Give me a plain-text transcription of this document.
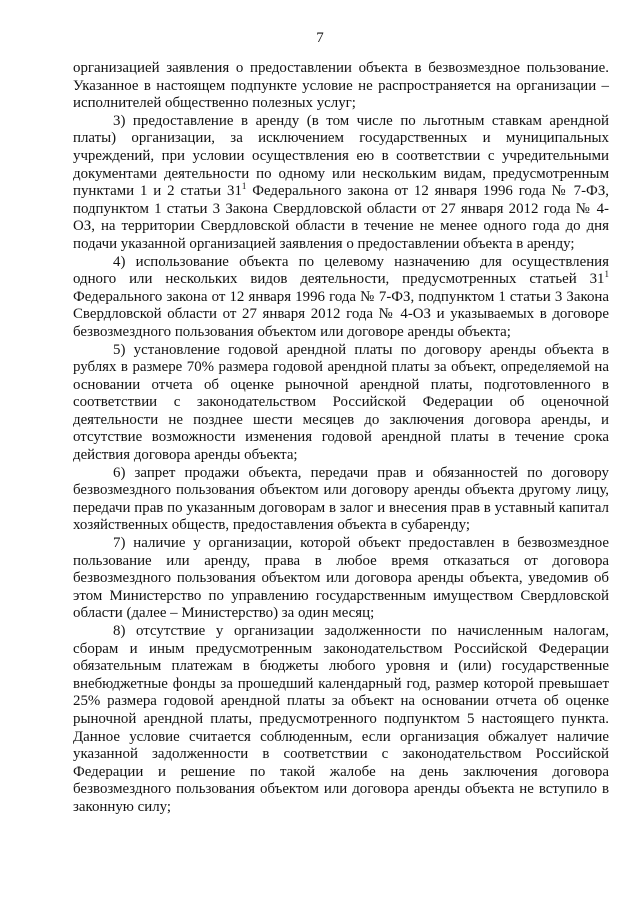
7

организацией заявления о предоставлении объекта в безвозмездное пользование. Указанное в настоящем подпункте условие не распространяется на организации – исполнителей общественно полезных услуг;

3) предоставление в аренду (в том числе по льготным ставкам арендной платы) организации, за исключением государственных и муниципальных учреждений, при условии осуществления ею в соответствии с учредительными документами деятельности по одному или нескольким видам, предусмотренным пунктами 1 и 2 статьи $31^1$ Федерального закона от 12 января 1996 года № 7-ФЗ, подпунктом 1 статьи 3 Закона Свердловской области от 27 января 2012 года № 4-ОЗ, на территории Свердловской области в течение не менее одного года до дня подачи указанной организацией заявления о предоставлении объекта в аренду;

4) использование объекта по целевому назначению для осуществления одного или нескольких видов деятельности, предусмотренных статьей $31^1$ Федерального закона от 12 января 1996 года № 7-ФЗ, подпунктом 1 статьи 3 Закона Свердловской области от 27 января 2012 года № 4-ОЗ и указываемых в договоре безвозмездного пользования объектом или договоре аренды объекта;

5) установление годовой арендной платы по договору аренды объекта в рублях в размере 70% размера годовой арендной платы за объект, определяемой на основании отчета об оценке рыночной арендной платы, подготовленного в соответствии с законодательством Российской Федерации об оценочной деятельности не позднее шести месяцев до заключения договора аренды, и отсутствие возможности изменения годовой арендной платы в течение срока действия договора аренды объекта;

6) запрет продажи объекта, передачи прав и обязанностей по договору безвозмездного пользования объектом или договору аренды объекта другому лицу, передачи прав по указанным договорам в залог и внесения прав в уставный капитал хозяйственных обществ, предоставления объекта в субаренду;

7) наличие у организации, которой объект предоставлен в безвозмездное пользование или аренду, права в любое время отказаться от договора безвозмездного пользования объектом или договора аренды объекта, уведомив об этом Министерство по управлению государственным имуществом Свердловской области (далее – Министерство) за один месяц;

8) отсутствие у организации задолженности по начисленным налогам, сборам и иным предусмотренным законодательством Российской Федерации обязательным платежам в бюджеты любого уровня и (или) государственные внебюджетные фонды за прошедший календарный год, размер которой превышает 25% размера годовой арендной платы за объект на основании отчета об оценке рыночной арендной платы, предусмотренного подпунктом 5 настоящего пункта. Данное условие считается соблюденным, если организация обжалует наличие указанной задолженности в соответствии с законодательством Российской Федерации и решение по такой жалобе на день заключения договора безвозмездного пользования объектом или договора аренды объекта не вступило в законную силу;
